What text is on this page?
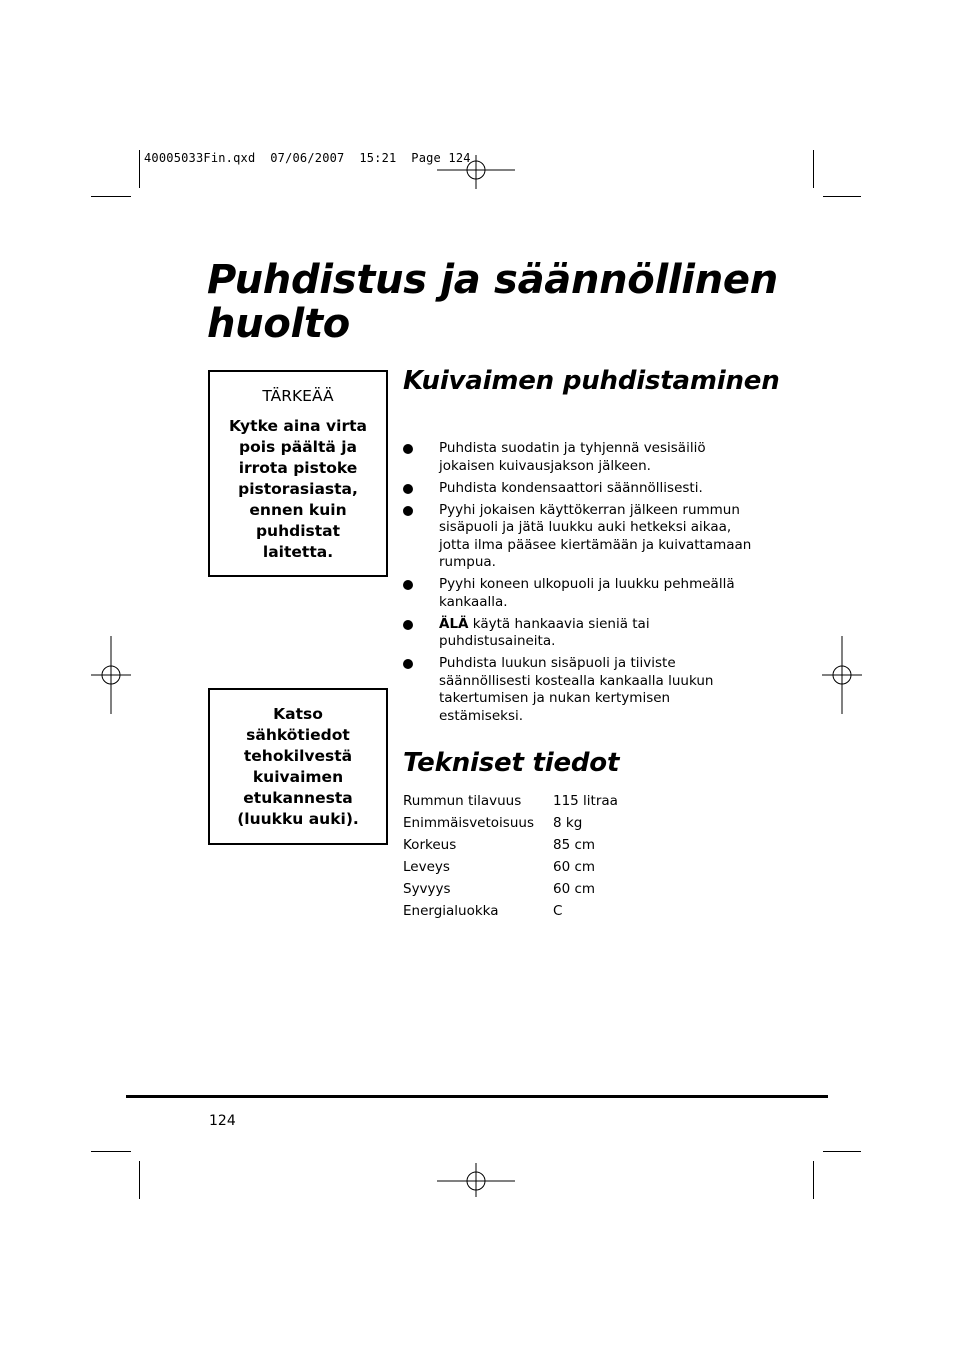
40005033Fin.qxd  07/06/2007  15:21  Page 124
Puhdistus ja säännöllinen huolto
TÄRKEÄÄ
Kytke aina virta pois päältä ja irrota pistoke pistorasiasta, ennen kuin puhdistat laitetta.
Katso sähkötiedot tehokilvestä kuivaimen etukannesta (luukku auki).
Kuivaimen puhdistaminen
Puhdista suodatin ja tyhjennä vesisäiliö jokaisen kuivausjakson jälkeen.
Puhdista kondensaattori säännöllisesti.
Pyyhi jokaisen käyttökerran jälkeen rummun sisäpuoli ja jätä luukku auki hetkeksi aikaa, jotta ilma pääsee kiertämään ja kuivattamaan rumpua.
Pyyhi koneen ulkopuoli ja luukku pehmeällä kankaalla.
ÄLÄ käytä hankaavia sieniä tai puhdistusaineita.
Puhdista luukun sisäpuoli ja tiiviste säännöllisesti kostealla kankaalla luukun takertumisen ja nukan kertymisen estämiseksi.
Tekniset tiedot
Rummun tilavuus	115 litraa
Enimmäisvetoisuus	8 kg
Korkeus	85 cm
Leveys	60 cm
Syvyys	60 cm
Energialuokka	C
124
